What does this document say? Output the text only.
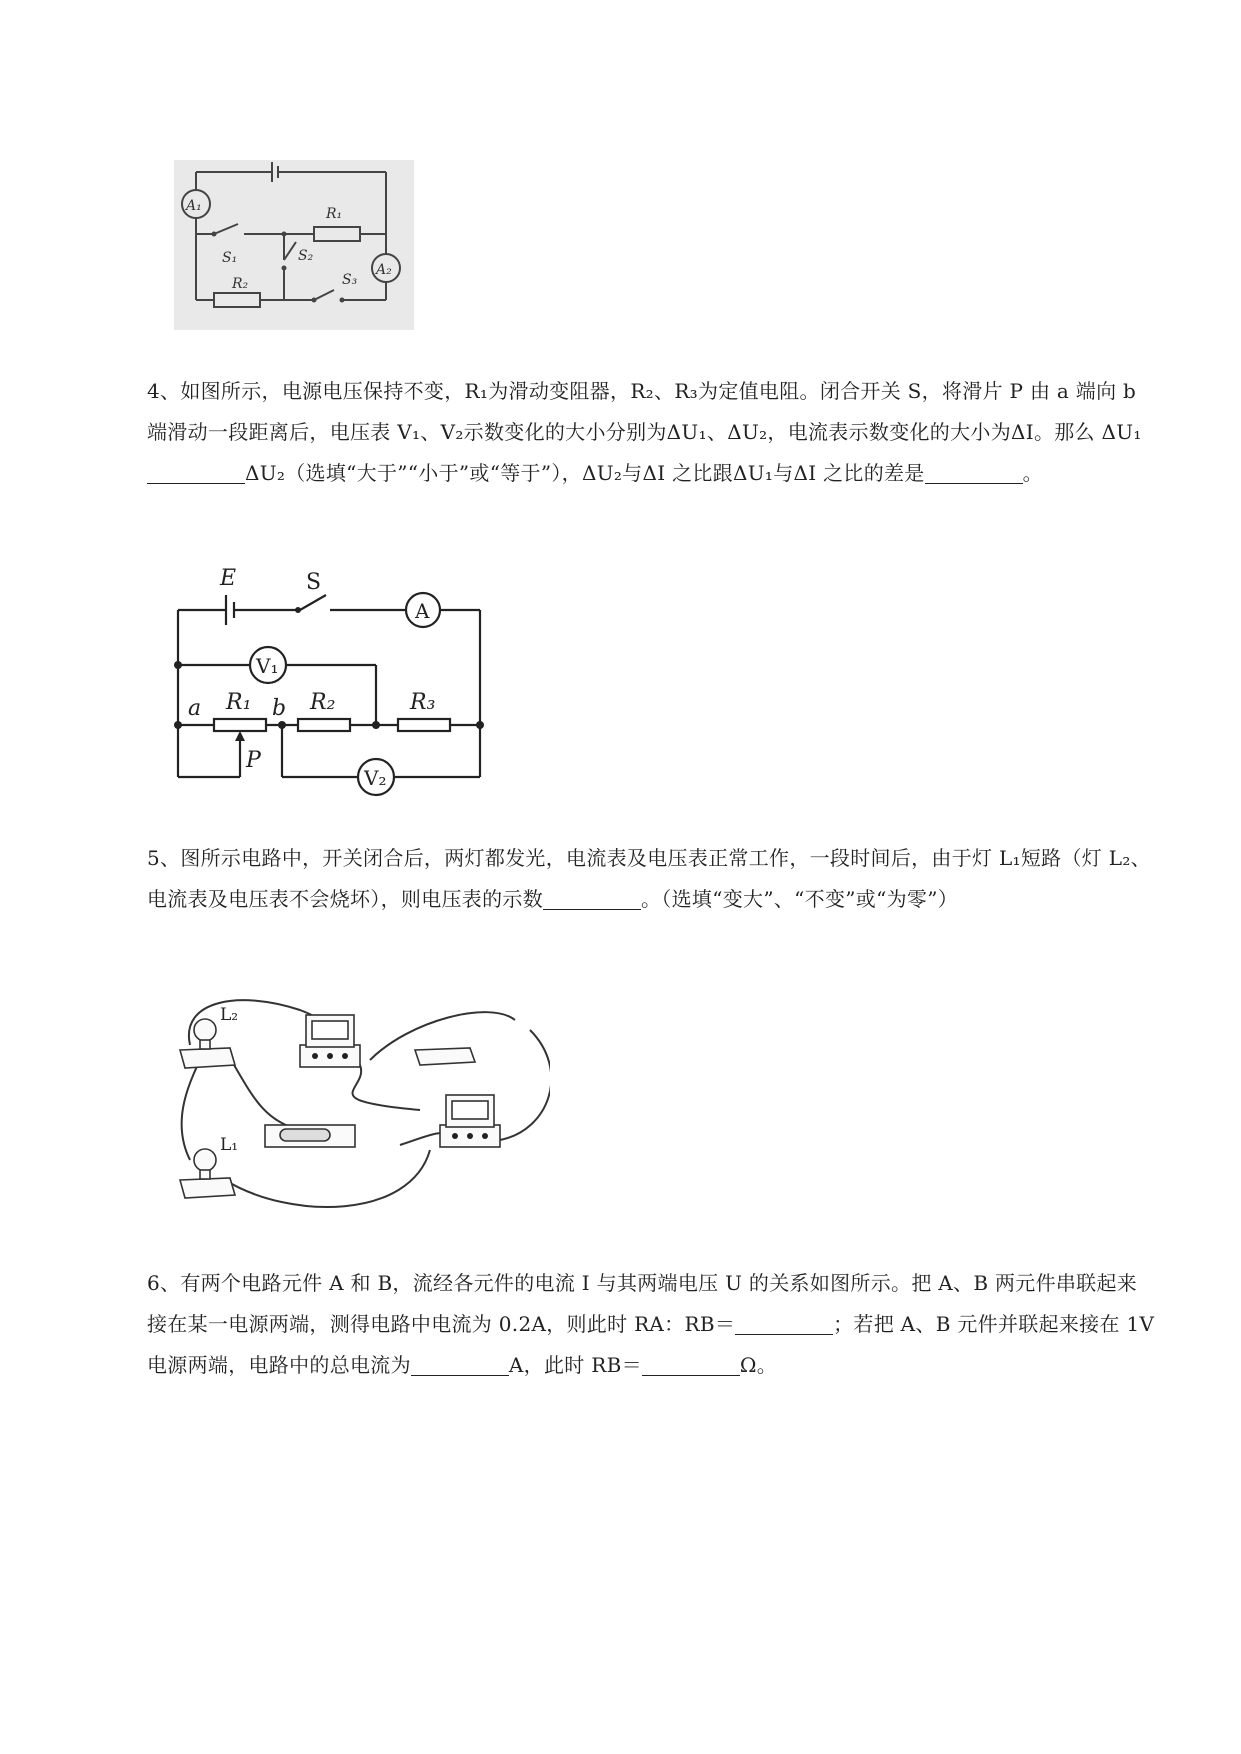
A₁
A₂
R₁
R₂
S₁	S₂
S₃

4、如图所示，电源电压保持不变，R₁为滑动变阻器，R₂、R₃为定值电阻。闭合开关 S，将滑片 P 由 a 端向 b 端滑动一段距离后，电压表 V₁、V₂示数变化的大小分别为ΔU₁、ΔU₂，电流表示数变化的大小为ΔI。那么 ΔU₁ΔU₂（选填“大于”“小于”或“等于”），ΔU₂与ΔI 之比跟ΔU₁与ΔI 之比的差是	。

E	S
A
V₁
V₂
a	b
R₁	R₂	R₃
P

5、图所示电路中，开关闭合后，两灯都发光，电流表及电压表正常工作，一段时间后，由于灯 L₁短路（灯 L₂、电流表及电压表不会烧坏），则电压表的示数	。（选填“变大”、“不变”或“为零”）

L₂
L₁

6、有两个电路元件 A 和 B，流经各元件的电流 I 与其两端电压 U 的关系如图所示。把 A、B 两元件串联起来接在某一电源两端，测得电路中电流为 0.2A，则此时 RA：RB＝	；若把 A、B 元件并联起来接在 1V 电源两端，电路中的总电流为	A，此时 RB＝	Ω。
